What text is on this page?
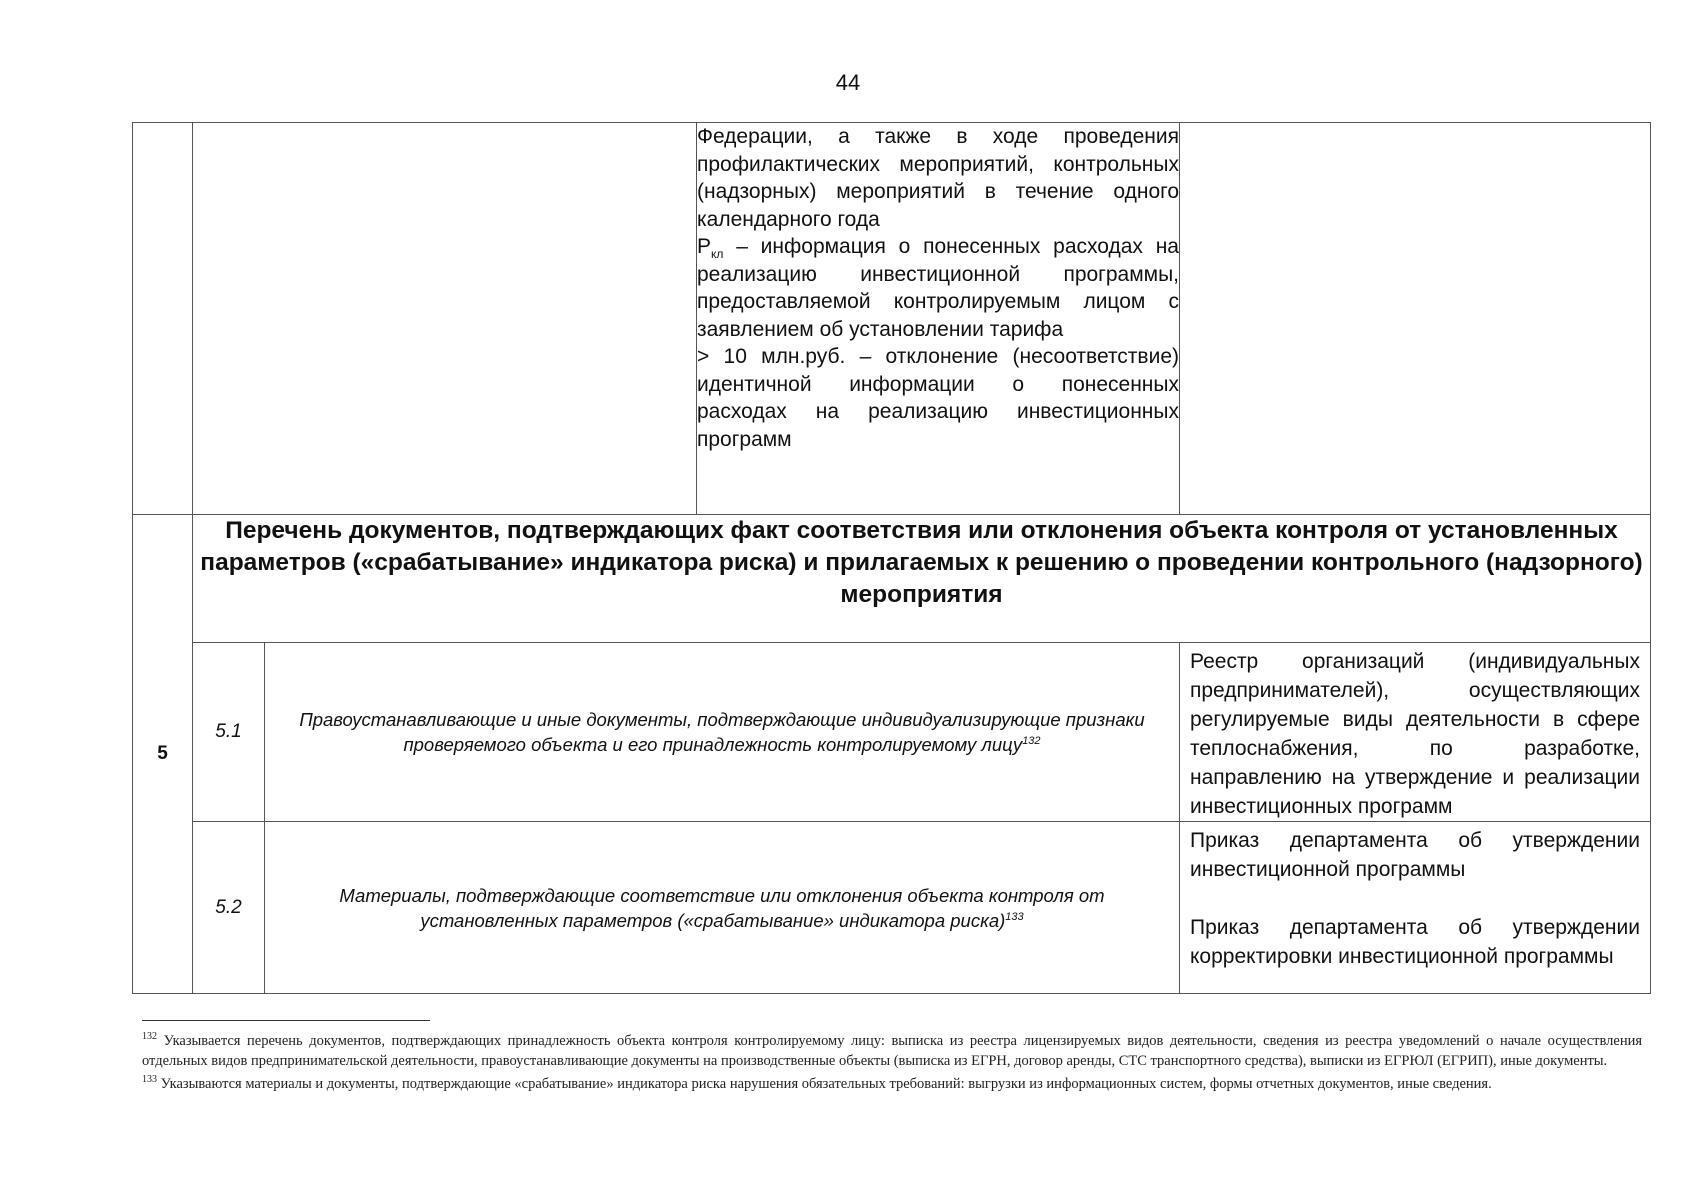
44

			Федерации, а также в ходе проведения профилактических мероприятий, контрольных (надзорных) мероприятий в течение одного календарного года

$Р_{кл}$ – информация о понесенных расходах на реализацию инвестиционной программы, предоставляемой контролируемым лицом с заявлением об установлении тарифа

> 10 млн.руб. – отклонение (несоответствие) идентичной информации о понесенных расходах на реализацию инвестиционных программ	

5	Перечень документов, подтверждающих факт соответствия или отклонения объекта контроля от установленных параметров («срабатывание» индикатора риска) и прилагаемых к решению о проведении контрольного (надзорного) мероприятия			
	5.1	Правоустанавливающие и иные документы, подтверждающие индивидуализирующие признаки проверяемого объекта и его принадлежность контролируемому лицу$^{132}$		Реестр организаций (индивидуальных предпринимателей), осуществляющих регулируемые виды деятельности в сфере теплоснабжения, по разработке, направлению на утверждение и реализации инвестиционных программ

	5.2	Материалы, подтверждающие соответствие или отклонения объекта контроля от установленных параметров («срабатывание» индикатора риска)$^{133}$		Приказ департамента об утверждении инвестиционной программы

Приказ департамента об утверждении корректировки инвестиционной программы

$^{132}$ Указывается перечень документов, подтверждающих принадлежность объекта контроля контролируемому лицу: выписка из реестра лицензируемых видов деятельности, сведения из реестра уведомлений о начале осуществления отдельных видов предпринимательской деятельности, правоустанавливающие документы на производственные объекты (выписка из ЕГРН, договор аренды, СТС транспортного средства), выписки из ЕГРЮЛ (ЕГРИП), иные документы.

$^{133}$ Указываются материалы и документы, подтверждающие «срабатывание» индикатора риска нарушения обязательных требований: выгрузки из информационных систем, формы отчетных документов, иные сведения.
